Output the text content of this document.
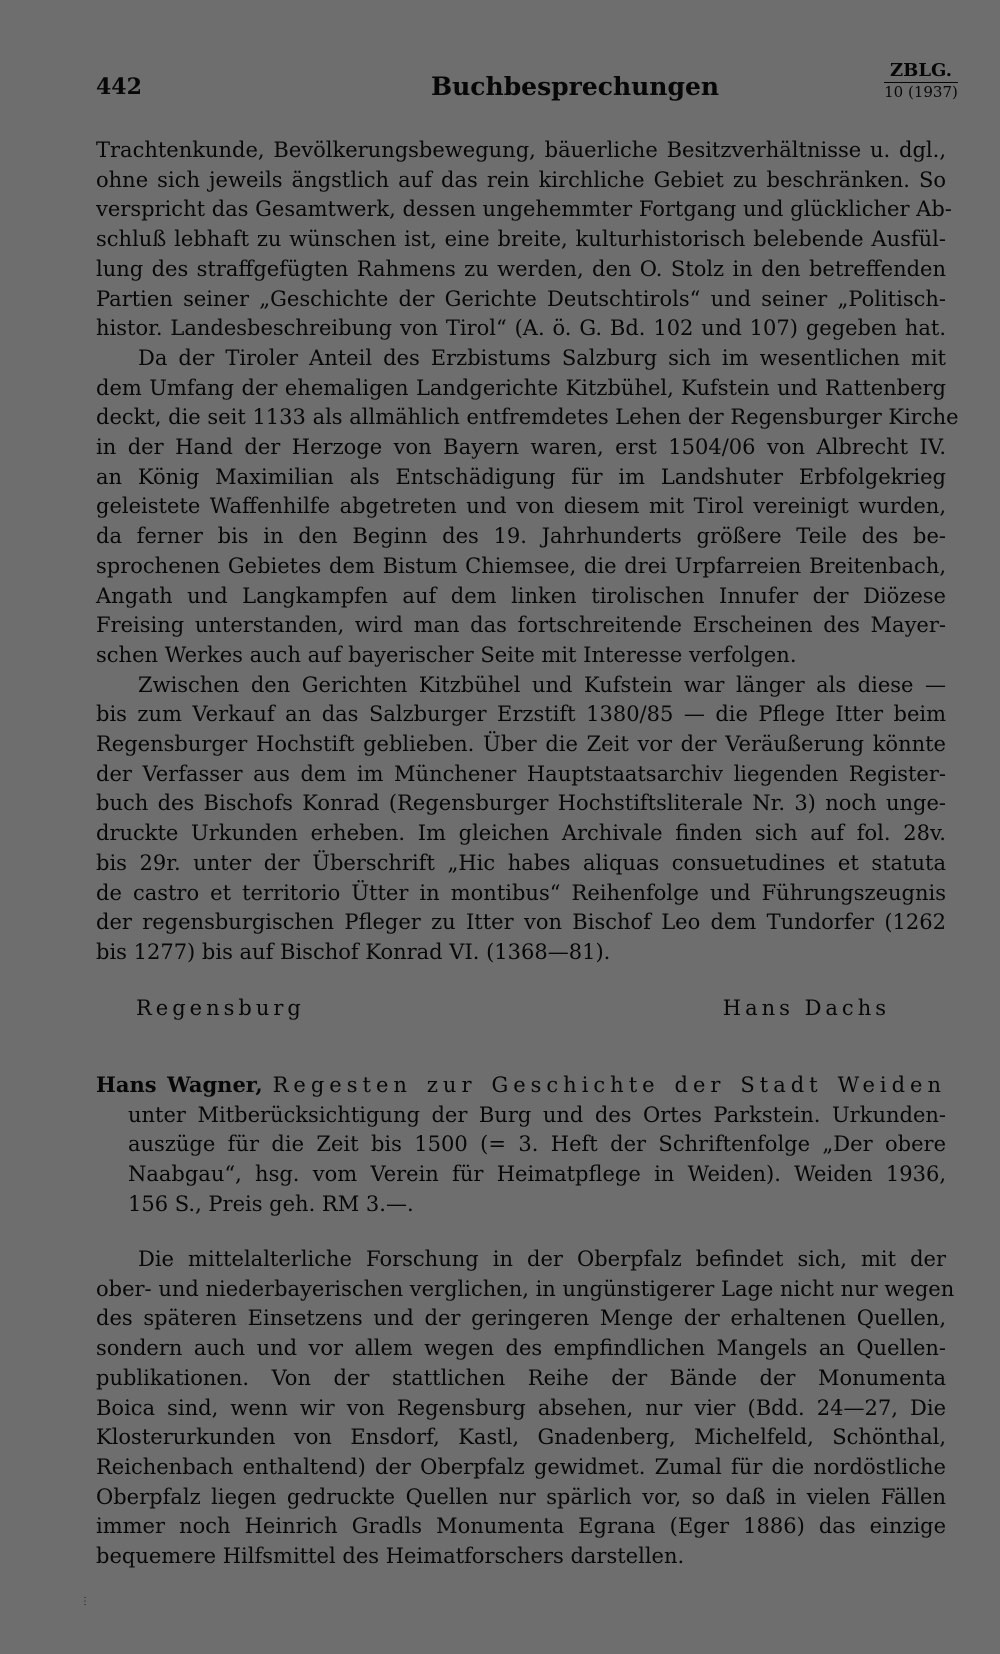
442	Buchbesprechungen
ZBLG.
10 (1937)
Trachtenkunde, Bevölkerungsbewegung, bäuerliche Besitzverhältnisse u. dgl.,
ohne sich jeweils ängstlich auf das rein kirchliche Gebiet zu beschränken. So
verspricht das Gesamtwerk, dessen ungehemmter Fortgang und glücklicher Ab-
schluß lebhaft zu wünschen ist, eine breite, kulturhistorisch belebende Ausfül-
lung des straffgefügten Rahmens zu werden, den O. Stolz in den betreffenden
Partien seiner „Geschichte der Gerichte Deutschtirols“ und seiner „Politisch-
histor. Landesbeschreibung von Tirol“ (A. ö. G. Bd. 102 und 107) gegeben hat.
Da der Tiroler Anteil des Erzbistums Salzburg sich im wesentlichen mit
dem Umfang der ehemaligen Landgerichte Kitzbühel, Kufstein und Rattenberg
deckt, die seit 1133 als allmählich entfremdetes Lehen der Regensburger Kirche
in der Hand der Herzoge von Bayern waren, erst 1504/06 von Albrecht IV.
an König Maximilian als Entschädigung für im Landshuter Erbfolgekrieg
geleistete Waffenhilfe abgetreten und von diesem mit Tirol vereinigt wurden,
da ferner bis in den Beginn des 19. Jahrhunderts größere Teile des be-
sprochenen Gebietes dem Bistum Chiemsee, die drei Urpfarreien Breitenbach,
Angath und Langkampfen auf dem linken tirolischen Innufer der Diözese
Freising unterstanden, wird man das fortschreitende Erscheinen des Mayer-
schen Werkes auch auf bayerischer Seite mit Interesse verfolgen.
Zwischen den Gerichten Kitzbühel und Kufstein war länger als diese —
bis zum Verkauf an das Salzburger Erzstift 1380/85 — die Pflege Itter beim
Regensburger Hochstift geblieben. Über die Zeit vor der Veräußerung könnte
der Verfasser aus dem im Münchener Hauptstaatsarchiv liegenden Register-
buch des Bischofs Konrad (Regensburger Hochstiftsliterale Nr. 3) noch unge-
druckte Urkunden erheben. Im gleichen Archivale finden sich auf fol. 28v.
bis 29r. unter der Überschrift „Hic habes aliquas consuetudines et statuta
de castro et territorio Ütter in montibus“ Reihenfolge und Führungszeugnis
der regensburgischen Pfleger zu Itter von Bischof Leo dem Tundorfer (1262
bis 1277) bis auf Bischof Konrad VI. (1368—81).
Regensburg	Hans Dachs
Hans Wagner, Regesten zur Geschichte der Stadt Weiden
unter Mitberücksichtigung der Burg und des Ortes Parkstein. Urkunden-
auszüge für die Zeit bis 1500 (= 3. Heft der Schriftenfolge „Der obere
Naabgau“, hsg. vom Verein für Heimatpflege in Weiden). Weiden 1936,
156 S., Preis geh. RM 3.—.
Die mittelalterliche Forschung in der Oberpfalz befindet sich, mit der
ober- und niederbayerischen verglichen, in ungünstigerer Lage nicht nur wegen
des späteren Einsetzens und der geringeren Menge der erhaltenen Quellen,
sondern auch und vor allem wegen des empfindlichen Mangels an Quellen-
publikationen. Von der stattlichen Reihe der Bände der Monumenta
Boica sind, wenn wir von Regensburg absehen, nur vier (Bdd. 24—27, Die
Klosterurkunden von Ensdorf, Kastl, Gnadenberg, Michelfeld, Schönthal,
Reichenbach enthaltend) der Oberpfalz gewidmet. Zumal für die nordöstliche
Oberpfalz liegen gedruckte Quellen nur spärlich vor, so daß in vielen Fällen
immer noch Heinrich Gradls Monumenta Egrana (Eger 1886) das einzige
bequemere Hilfsmittel des Heimatforschers darstellen.
⋮
